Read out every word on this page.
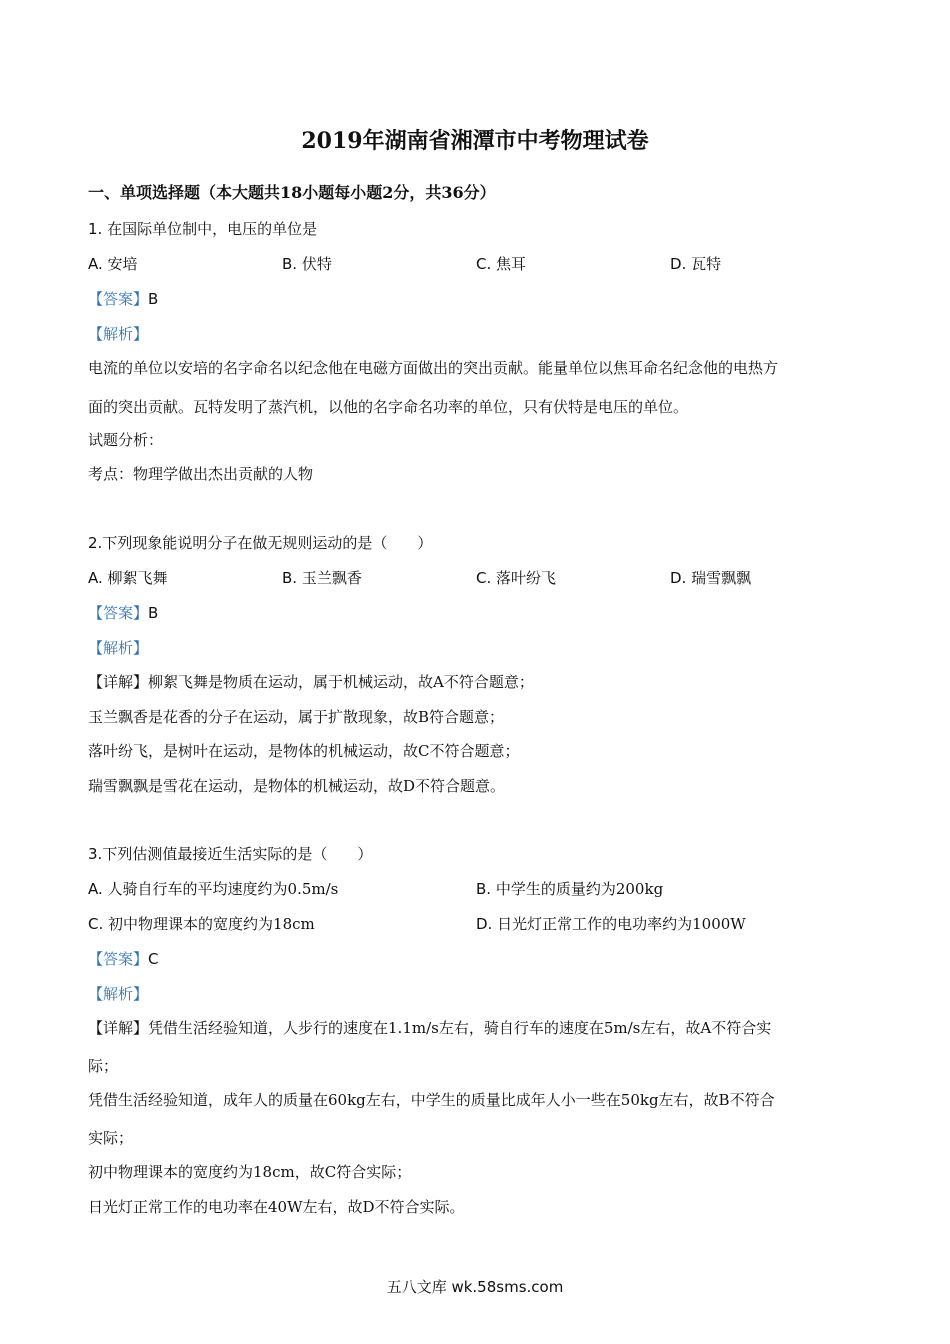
2019年湖南省湘潭市中考物理试卷
一、单项选择题（本大题共18小题每小题2分，共36分）
1. 在国际单位制中，电压的单位是
A. 安培	B. 伏特	C. 焦耳	D. 瓦特
【答案】B
【解析】
电流的单位以安培的名字命名以纪念他在电磁方面做出的突出贡献。能量单位以焦耳命名纪念他的电热方
面的突出贡献。瓦特发明了蒸汽机，以他的名字命名功率的单位，只有伏特是电压的单位。
试题分析：
考点：物理学做出杰出贡献的人物
2.下列现象能说明分子在做无规则运动的是（　　）
A. 柳絮飞舞	B. 玉兰飘香	C. 落叶纷飞	D. 瑞雪飘飘
【答案】B
【解析】
【详解】柳絮飞舞是物质在运动，属于机械运动，故A不符合题意；
玉兰飘香是花香的分子在运动，属于扩散现象，故B符合题意；
落叶纷飞，是树叶在运动，是物体的机械运动，故C不符合题意；
瑞雪飘飘是雪花在运动，是物体的机械运动，故D不符合题意。
3.下列估测值最接近生活实际的是（　　）
A. 人骑自行车的平均速度约为0.5m/s	B. 中学生的质量约为200kg
C. 初中物理课本的宽度约为18cm	D. 日光灯正常工作的电功率约为1000W
【答案】C
【解析】
【详解】凭借生活经验知道，人步行的速度在1.1m/s左右，骑自行车的速度在5m/s左右，故A不符合实
际；
凭借生活经验知道，成年人的质量在60kg左右，中学生的质量比成年人小一些在50kg左右，故B不符合
实际；
初中物理课本的宽度约为18cm，故C符合实际；
日光灯正常工作的电功率在40W左右，故D不符合实际。
五八文库 wk.58sms.com
